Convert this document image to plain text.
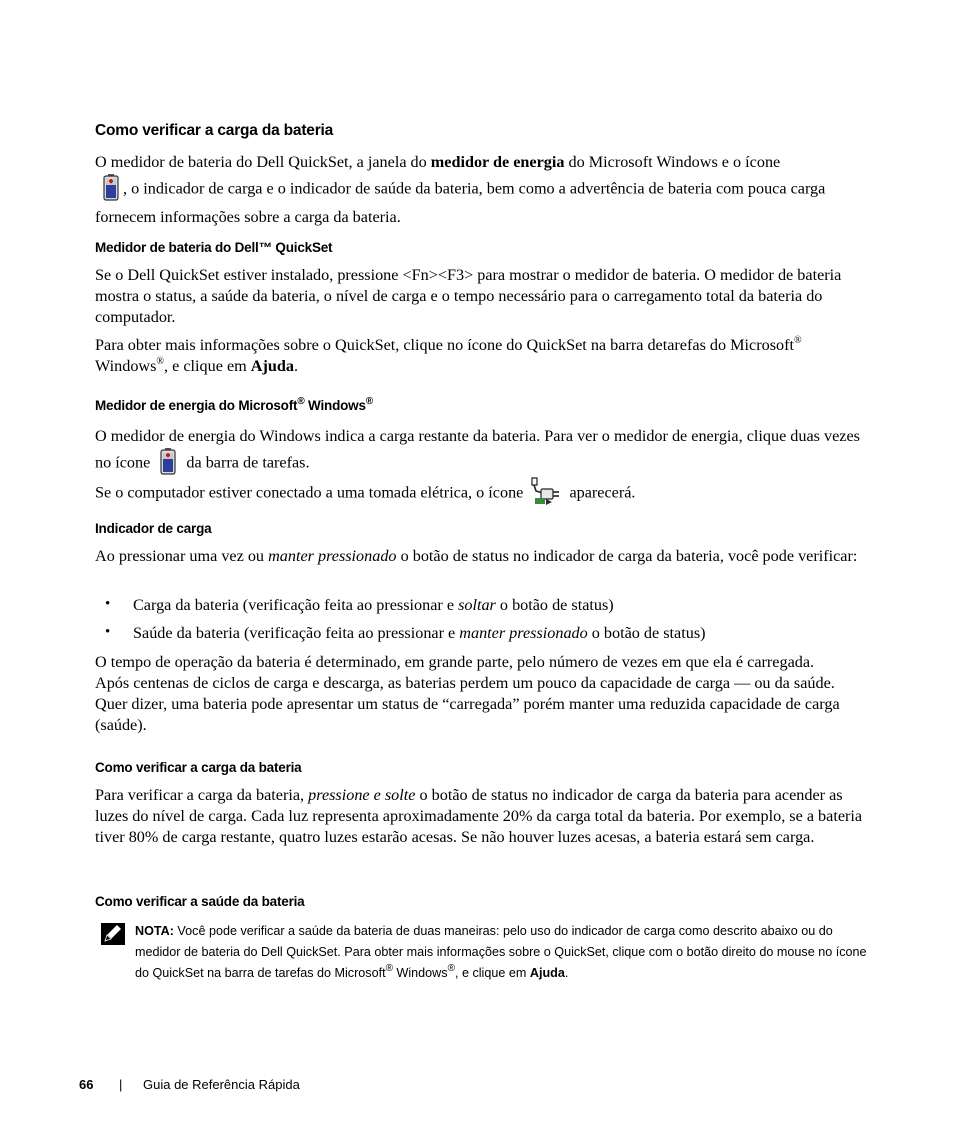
Como verificar a carga da bateria
O medidor de bateria do Dell QuickSet, a janela do medidor de energia do Microsoft Windows e o ícone
, o indicador de carga e o indicador de saúde da bateria, bem como a advertência de bateria com pouca carga fornecem informações sobre a carga da bateria.
Medidor de bateria do Dell™ QuickSet
Se o Dell QuickSet estiver instalado, pressione <Fn><F3> para mostrar o medidor de bateria. O medidor de bateria mostra o status, a saúde da bateria, o nível de carga e o tempo necessário para o carregamento total da bateria do computador.
Para obter mais informações sobre o QuickSet, clique no ícone do QuickSet na barra detarefas do Microsoft® Windows®, e clique em Ajuda.
Medidor de energia do Microsoft® Windows®
O medidor de energia do Windows indica a carga restante da bateria. Para ver o medidor de energia, clique duas vezes no ícone  da barra de tarefas.
Se o computador estiver conectado a uma tomada elétrica, o ícone	aparecerá.
Indicador de carga
Ao pressionar uma vez ou manter pressionado o botão de status no indicador de carga da bateria, você pode verificar:
• Carga da bateria (verificação feita ao pressionar e soltar o botão de status)
• Saúde da bateria (verificação feita ao pressionar e manter pressionado o botão de status)
O tempo de operação da bateria é determinado, em grande parte, pelo número de vezes em que ela é carregada. Após centenas de ciclos de carga e descarga, as baterias perdem um pouco da capacidade de carga — ou da saúde. Quer dizer, uma bateria pode apresentar um status de “carregada” porém manter uma reduzida capacidade de carga (saúde).
Como verificar a carga da bateria
Para verificar a carga da bateria, pressione e solte o botão de status no indicador de carga da bateria para acender as luzes do nível de carga. Cada luz representa aproximadamente 20% da carga total da bateria. Por exemplo, se a bateria tiver 80% de carga restante, quatro luzes estarão acesas. Se não houver luzes acesas, a bateria estará sem carga.
Como verificar a saúde da bateria
NOTA: Você pode verificar a saúde da bateria de duas maneiras: pelo uso do indicador de carga como descrito abaixo ou do medidor de bateria do Dell QuickSet. Para obter mais informações sobre o QuickSet, clique com o botão direito do mouse no ícone do QuickSet na barra de tarefas do Microsoft® Windows®, e clique em Ajuda.
66 | Guia de Referência Rápida
